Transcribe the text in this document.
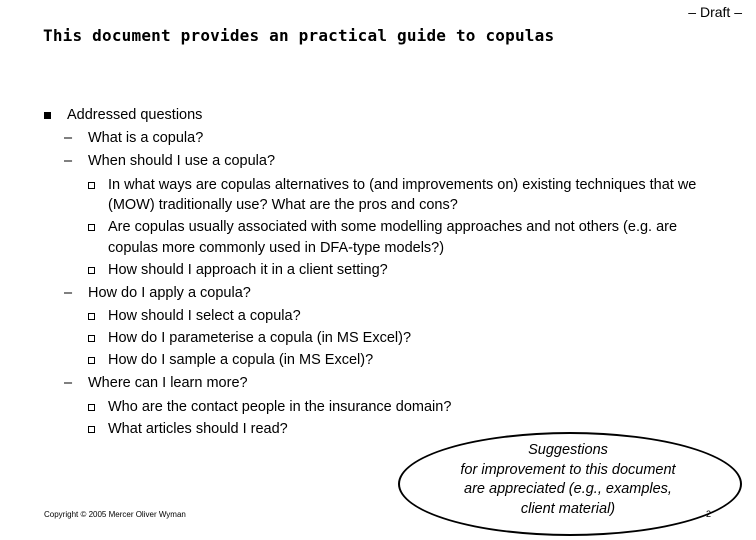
– Draft –
This document provides an practical guide to copulas
Addressed questions
– What is a copula?
– When should I use a copula?
In what ways are copulas alternatives to (and improvements on) existing techniques that we (MOW) traditionally use? What are the pros and cons?
Are copulas usually associated with some modelling approaches and not others (e.g. are copulas more commonly used in DFA-type models?)
How should I approach it in a client setting?
– How do I apply a copula?
How should I select a copula?
How do I parameterise a copula (in MS Excel)?
How do I sample a copula (in MS Excel)?
– Where can I learn more?
Who are the contact people in the insurance domain?
What articles should I read?
Suggestions
for improvement to this document
are appreciated (e.g., examples,
client material)
Copyright © 2005 Mercer Oliver Wyman	2
